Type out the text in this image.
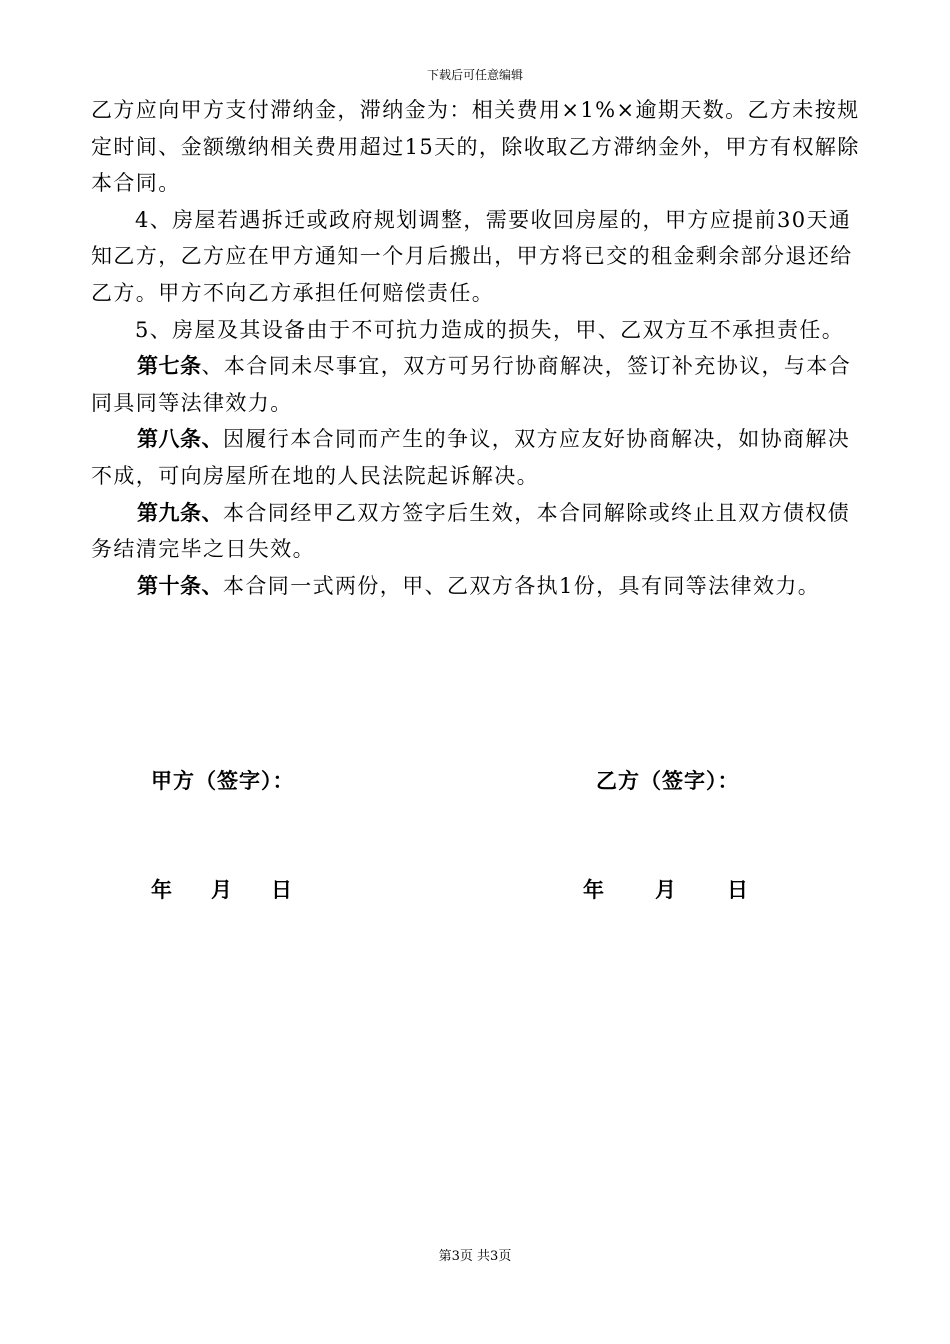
下载后可任意编辑

乙方应向甲方支付滞纳金，滞纳金为：相关费用×1%×逾期天数。乙方未按规定时间、金额缴纳相关费用超过15天的，除收取乙方滞纳金外，甲方有权解除本合同。

4、房屋若遇拆迁或政府规划调整，需要收回房屋的，甲方应提前30天通知乙方，乙方应在甲方通知一个月后搬出，甲方将已交的租金剩余部分退还给乙方。甲方不向乙方承担任何赔偿责任。

5、房屋及其设备由于不可抗力造成的损失，甲、乙双方互不承担责任。

第七条、本合同未尽事宜，双方可另行协商解决，签订补充协议，与本合同具同等法律效力。

第八条、因履行本合同而产生的争议，双方应友好协商解决，如协商解决不成，可向房屋所在地的人民法院起诉解决。

第九条、本合同经甲乙双方签字后生效，本合同解除或终止且双方债权债务结清完毕之日失效。

第十条、本合同一式两份，甲、乙双方各执1份，具有同等法律效力。

甲方（签字）：	乙方（签字）：
年 月 日	年 月 日
第3页 共3页
